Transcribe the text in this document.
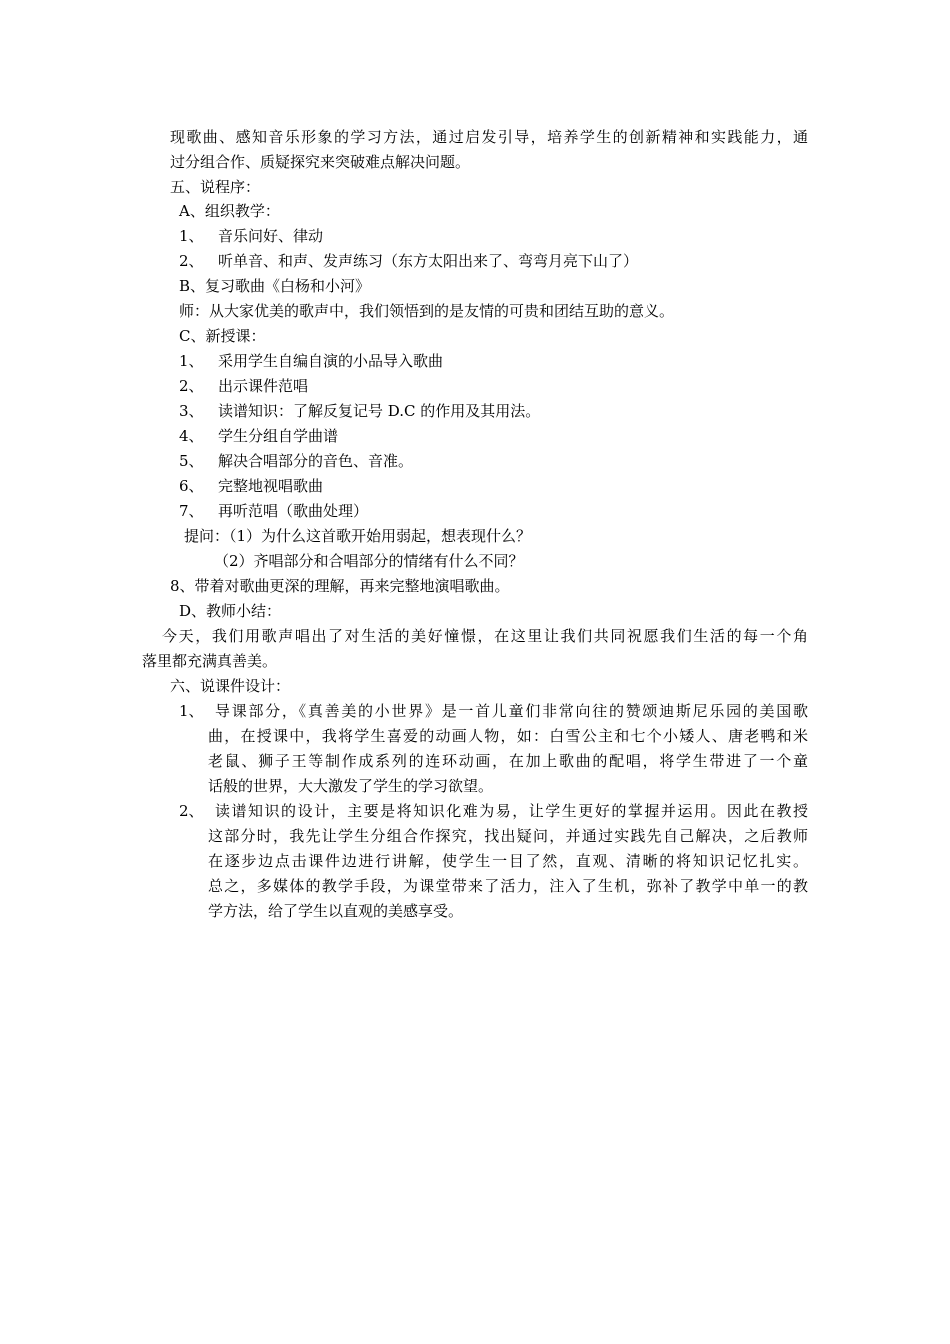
现歌曲、感知音乐形象的学习方法，通过启发引导，培养学生的创新精神和实践能力，通
过分组合作、质疑探究来突破难点解决问题。
五、说程序：
A、组织教学：
1、 音乐问好、律动
2、 听单音、和声、发声练习（东方太阳出来了、弯弯月亮下山了）
B、复习歌曲《白杨和小河》
师：从大家优美的歌声中，我们领悟到的是友情的可贵和团结互助的意义。
C、新授课：
1、 采用学生自编自演的小品导入歌曲
2、 出示课件范唱
3、 读谱知识：了解反复记号 D.C 的作用及其用法。
4、 学生分组自学曲谱
5、 解决合唱部分的音色、音准。
6、 完整地视唱歌曲
7、 再听范唱（歌曲处理）
提问：（1）为什么这首歌开始用弱起，想表现什么？
（2）齐唱部分和合唱部分的情绪有什么不同？
8、带着对歌曲更深的理解，再来完整地演唱歌曲。
D、教师小结：
今天，我们用歌声唱出了对生活的美好憧憬，在这里让我们共同祝愿我们生活的每一个角
落里都充满真善美。
六、说课件设计：
1、 导课部分，《真善美的小世界》是一首儿童们非常向往的赞颂迪斯尼乐园的美国歌
曲，在授课中，我将学生喜爱的动画人物，如：白雪公主和七个小矮人、唐老鸭和米
老鼠、狮子王等制作成系列的连环动画，在加上歌曲的配唱，将学生带进了一个童
话般的世界，大大激发了学生的学习欲望。
2、 读谱知识的设计，主要是将知识化难为易，让学生更好的掌握并运用。因此在教授
这部分时，我先让学生分组合作探究，找出疑问，并通过实践先自己解决，之后教师
在逐步边点击课件边进行讲解，使学生一目了然，直观、清晰的将知识记忆扎实。
总之，多媒体的教学手段，为课堂带来了活力，注入了生机，弥补了教学中单一的教
学方法，给了学生以直观的美感享受。
